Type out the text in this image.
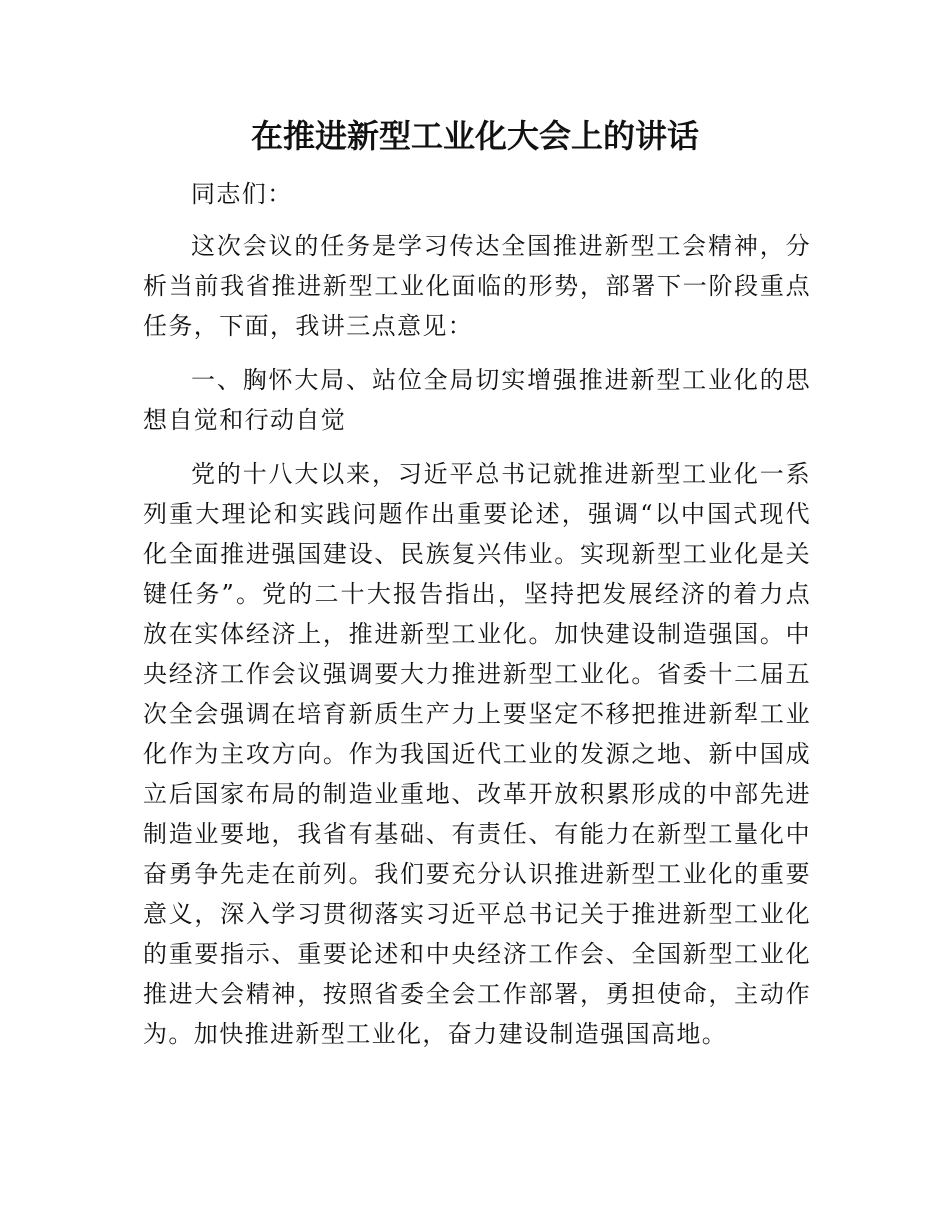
在推进新型工业化大会上的讲话

同志们：

这次会议的任务是学习传达全国推进新型工会精神，分析当前我省推进新型工业化面临的形势，部署下一阶段重点任务，下面，我讲三点意见：

一、胸怀大局、站位全局切实增强推进新型工业化的思想自觉和行动自觉

党的十八大以来，习近平总书记就推进新型工业化一系列重大理论和实践问题作出重要论述，强调“以中国式现代化全面推进强国建设、民族复兴伟业。实现新型工业化是关键任务”。党的二十大报告指出，坚持把发展经济的着力点放在实体经济上，推进新型工业化。加快建设制造强国。中央经济工作会议强调要大力推进新型工业化。省委十二届五次全会强调在培育新质生产力上要坚定不移把推进新犁工业化作为主攻方向。作为我国近代工业的发源之地、新中国成立后国家布局的制造业重地、改革开放积累形成的中部先进制造业要地，我省有基础、有责任、有能力在新型工量化中奋勇争先走在前列。我们要充分认识推进新型工业化的重要意义，深入学习贯彻落实习近平总书记关于推进新型工业化的重要指示、重要论述和中央经济工作会、全国新型工业化推进大会精神，按照省委全会工作部署，勇担使命，主动作为。加快推进新型工业化，奋力建设制造强国高地。
